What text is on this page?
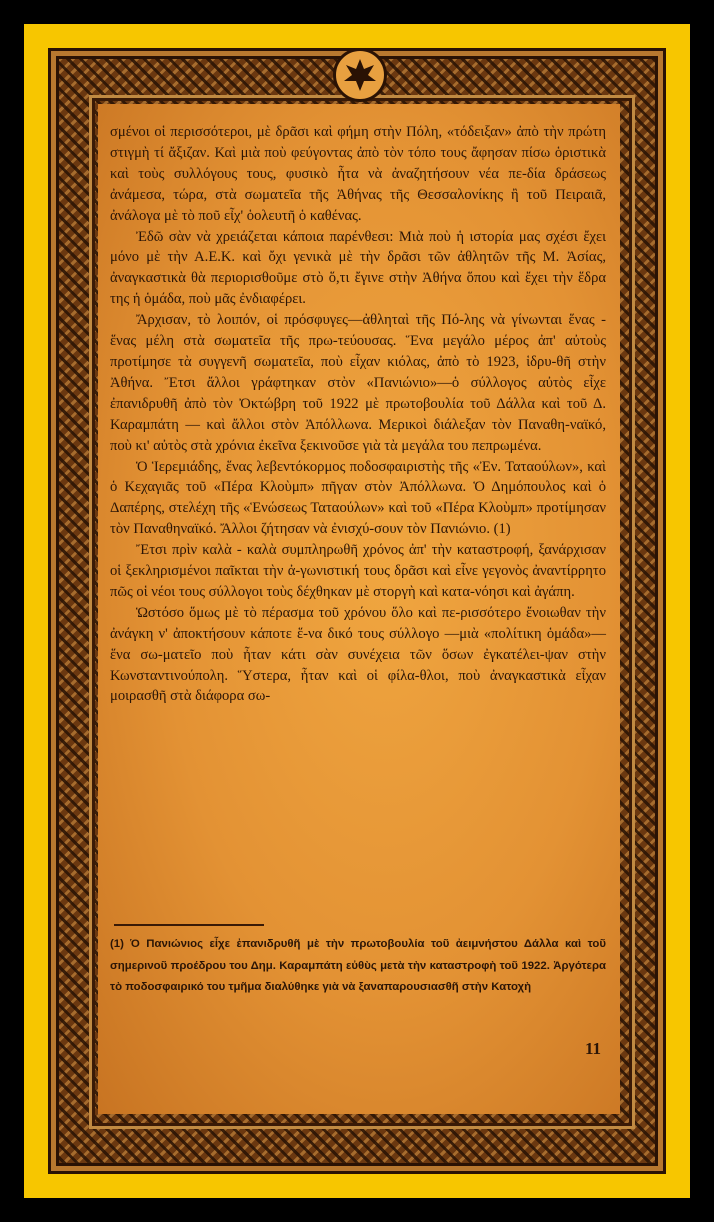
σμένοι οἱ περισσότεροι, μὲ δρᾶσι καὶ φήμη στὴν Πόλη, «τόδειξαν» ἀπὸ τὴν πρώτη στιγμὴ τί ἄξιζαν. Καὶ μιὰ ποὺ φεύγοντας ἀπὸ τὸν τόπο τους ἄφησαν πίσω ὁριστικὰ καὶ τοὺς συλλόγους τους, φυσικὸ ἦτα νὰ ἀναζητήσουν νέα πε-δία δράσεως ἀνάμεσα, τώρα, στὰ σωματεῖα τῆς Ἀθήνας τῆς Θεσσαλονίκης ἢ τοῦ Πειραιᾶ, ἀνάλογα μὲ τὸ ποῦ εἶχ' ὁολευτῆ ὁ καθένας.

Ἐδῶ σὰν νὰ χρειάζεται κάποια παρένθεσι: Μιὰ ποὺ ἡ ιστορία μας σχέσι ἔχει μόνο μὲ τὴν Α.Ε.Κ. καὶ ὄχι γενικὰ μὲ τὴν δρᾶσι τῶν ἀθλητῶν τῆς Μ. Ἀσίας, ἀναγκαστικὰ θὰ περιορισθοῦμε στὸ ὅ,τι ἔγινε στὴν Ἀθήνα ὅπου καὶ ἔχει τὴν ἕδρα της ἡ ὁμάδα, ποὺ μᾶς ἐνδιαφέρει.

Ἄρχισαν, τὸ λοιπόν, οἱ πρόσφυγες—ἀθληταὶ τῆς Πό-λης νὰ γίνωνται ἕνας - ἕνας μέλη στὰ σωματεῖα τῆς πρω-τεύουσας. Ἕνα μεγάλο μέρος ἀπ' αὐτοὺς προτίμησε τὰ συγγενῆ σωματεῖα, ποὺ εἶχαν κιόλας, ἀπὸ τὸ 1923, ἱδρυ-θῆ στὴν Ἀθήνα. Ἔτσι ἄλλοι γράφτηκαν στὸν «Πανιώνιο»—ὁ σύλλογος αὐτὸς εἶχε ἐπανιδρυθῆ ἀπὸ τὸν Ὀκτώβρη τοῦ 1922 μὲ πρωτοβουλία τοῦ Δάλλα καὶ τοῦ Δ. Καραμπάτη — καὶ ἄλλοι στὸν Ἀπόλλωνα. Μερικοὶ διάλεξαν τὸν Παναθη-ναϊκό, ποὺ κι' αὐτὸς στὰ χρόνια ἐκεῖνα ξεκινοῦσε γιὰ τὰ μεγάλα του πεπρωμένα.

Ὁ Ἱερεμιάδης, ἕνας λεβεντόκορμος ποδοσφαιριστὴς τῆς «Ἐν. Ταταούλων», καὶ ὁ Κεχαγιᾶς τοῦ «Πέρα Κλοὺμπ» πῆγαν στὸν Ἀπόλλωνα. Ὁ Δημόπουλος καὶ ὁ Δαπέρης, στελέχη τῆς «Ἑνώσεως Ταταούλων» καὶ τοῦ «Πέρα Κλοὺμπ» προτίμησαν τὸν Παναθηναϊκό. Ἄλλοι ζήτησαν νὰ ἐνισχύ-σουν τὸν Πανιώνιο. (1)

Ἔτσι πρὶν καλὰ - καλὰ συμπληρωθῆ χρόνος ἀπ' τὴν καταστροφή, ξανάρχισαν οἱ ξεκληρισμένοι παῖκται τὴν ἀ-γωνιστική τους δρᾶσι καὶ εἶνε γεγονὸς ἀναντίρρητο πῶς οἱ νέοι τους σύλλογοι τοὺς δέχθηκαν μὲ στοργὴ καὶ κατα-νόησι καὶ ἀγάπη.

Ὡστόσο ὅμως μὲ τὸ πέρασμα τοῦ χρόνου ὅλο καὶ πε-ρισσότερο ἔνοιωθαν τὴν ἀνάγκη ν' ἀποκτήσουν κάποτε ἕ-να δικό τους σύλλογο —μιὰ «πολίτικη ὁμάδα»—ἕνα σω-ματεῖο ποὺ ἦταν κάτι σὰν συνέχεια τῶν ὅσων ἐγκατέλει-ψαν στὴν Κωνσταντινούπολη. Ὕστερα, ἦταν καὶ οἱ φίλα-θλοι, ποὺ ἀναγκαστικὰ εἶχαν μοιρασθῆ στὰ διάφορα σω-

(1) Ὁ Πανιώνιος εἶχε ἐπανιδρυθῆ μὲ τὴν πρωτοβουλία τοῦ ἀειμνήστου Δάλλα καὶ τοῦ σημερινοῦ προέδρου του Δημ. Καραμπάτη εὐθὺς μετὰ τὴν καταστροφὴ τοῦ 1922. Ἀργότερα τὸ ποδοσφαιρικό του τμῆμα διαλύθηκε γιὰ νὰ ξαναπαρουσιασθῆ στὴν Κατοχὴ

11
